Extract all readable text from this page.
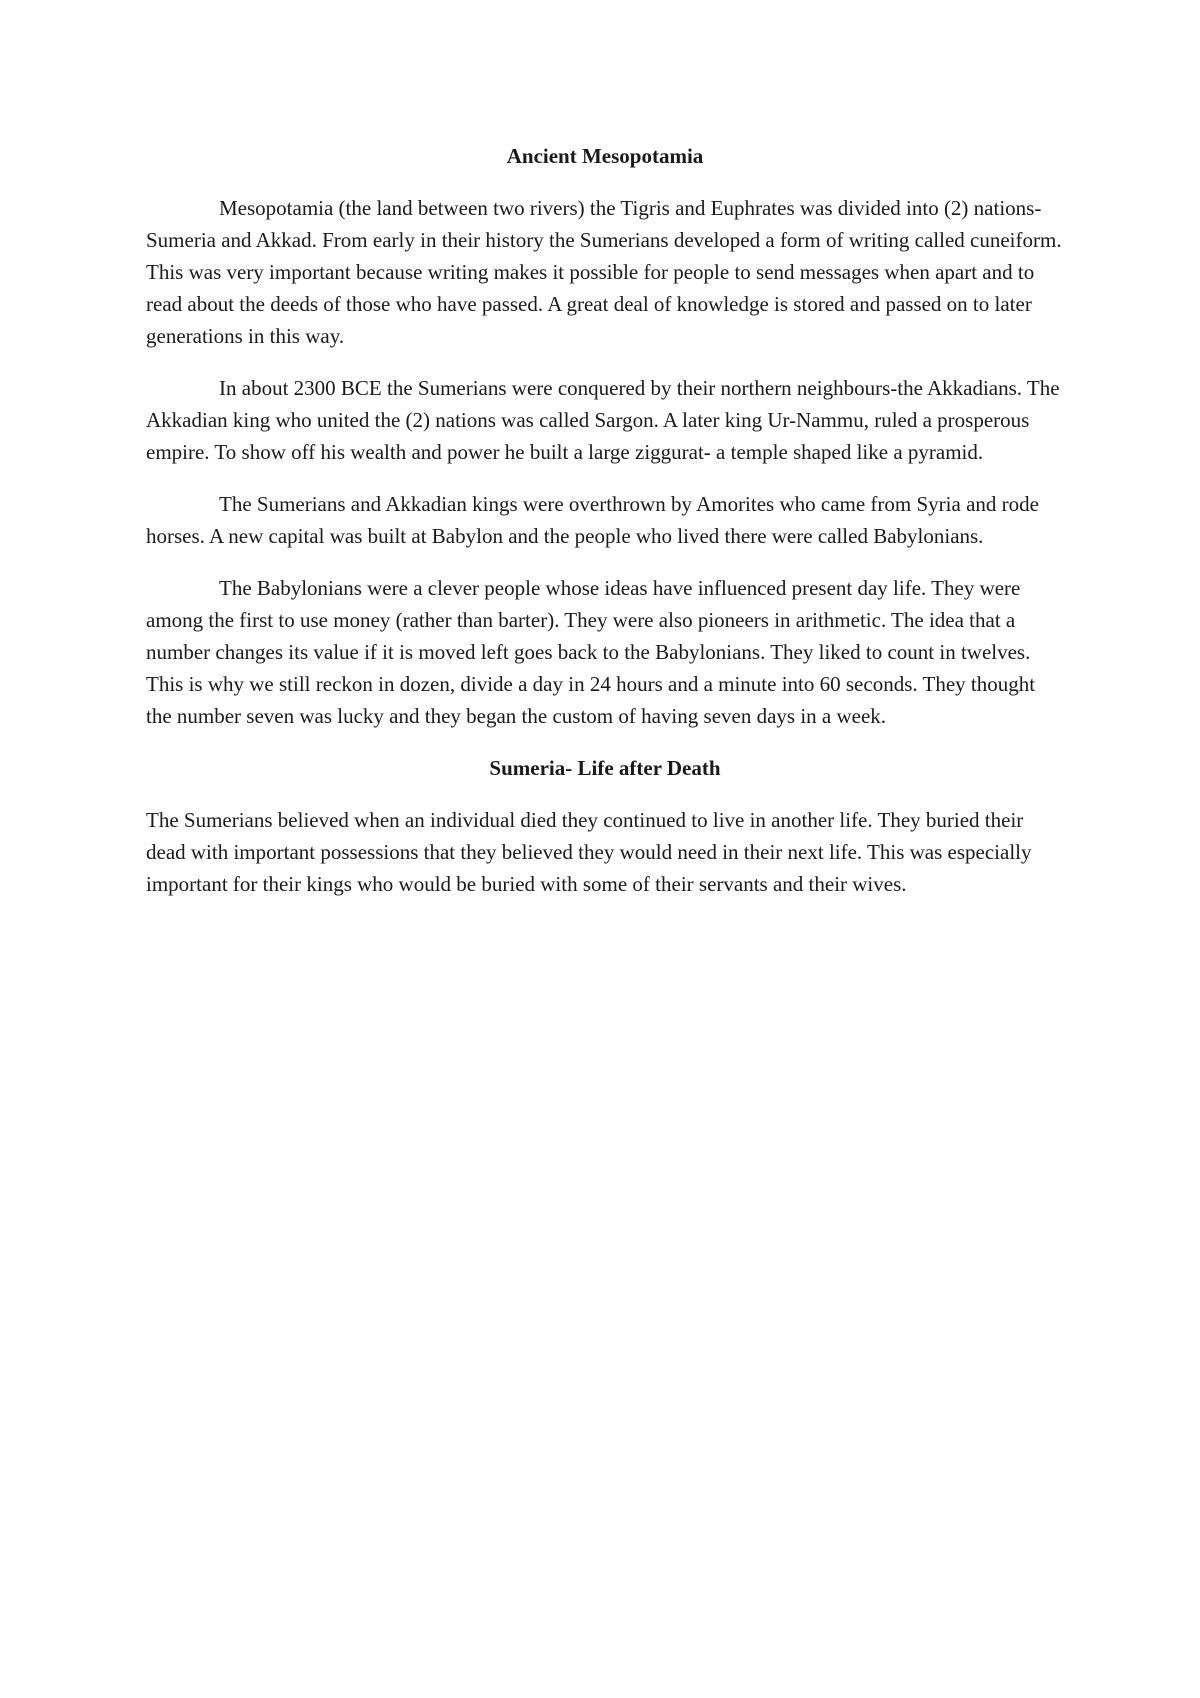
Ancient Mesopotamia

Mesopotamia (the land between two rivers) the Tigris and Euphrates was divided into (2) nations- Sumeria and Akkad. From early in their history the Sumerians developed a form of writing called cuneiform. This was very important because writing makes it possible for people to send messages when apart and to read about the deeds of those who have passed. A great deal of knowledge is stored and passed on to later generations in this way.

In about 2300 BCE the Sumerians were conquered by their northern neighbours-the Akkadians. The Akkadian king who united the (2) nations was called Sargon. A later king Ur-Nammu, ruled a prosperous empire. To show off his wealth and power he built a large ziggurat- a temple shaped like a pyramid.

The Sumerians and Akkadian kings were overthrown by Amorites who came from Syria and rode horses. A new capital was built at Babylon and the people who lived there were called Babylonians.

The Babylonians were a clever people whose ideas have influenced present day life. They were among the first to use money (rather than barter). They were also pioneers in arithmetic. The idea that a number changes its value if it is moved left goes back to the Babylonians. They liked to count in twelves. This is why we still reckon in dozen, divide a day in 24 hours and a minute into 60 seconds. They thought the number seven was lucky and they began the custom of having seven days in a week.

Sumeria- Life after Death

The Sumerians believed when an individual died they continued to live in another life. They buried their dead with important possessions that they believed they would need in their next life. This was especially important for their kings who would be buried with some of their servants and their wives.
